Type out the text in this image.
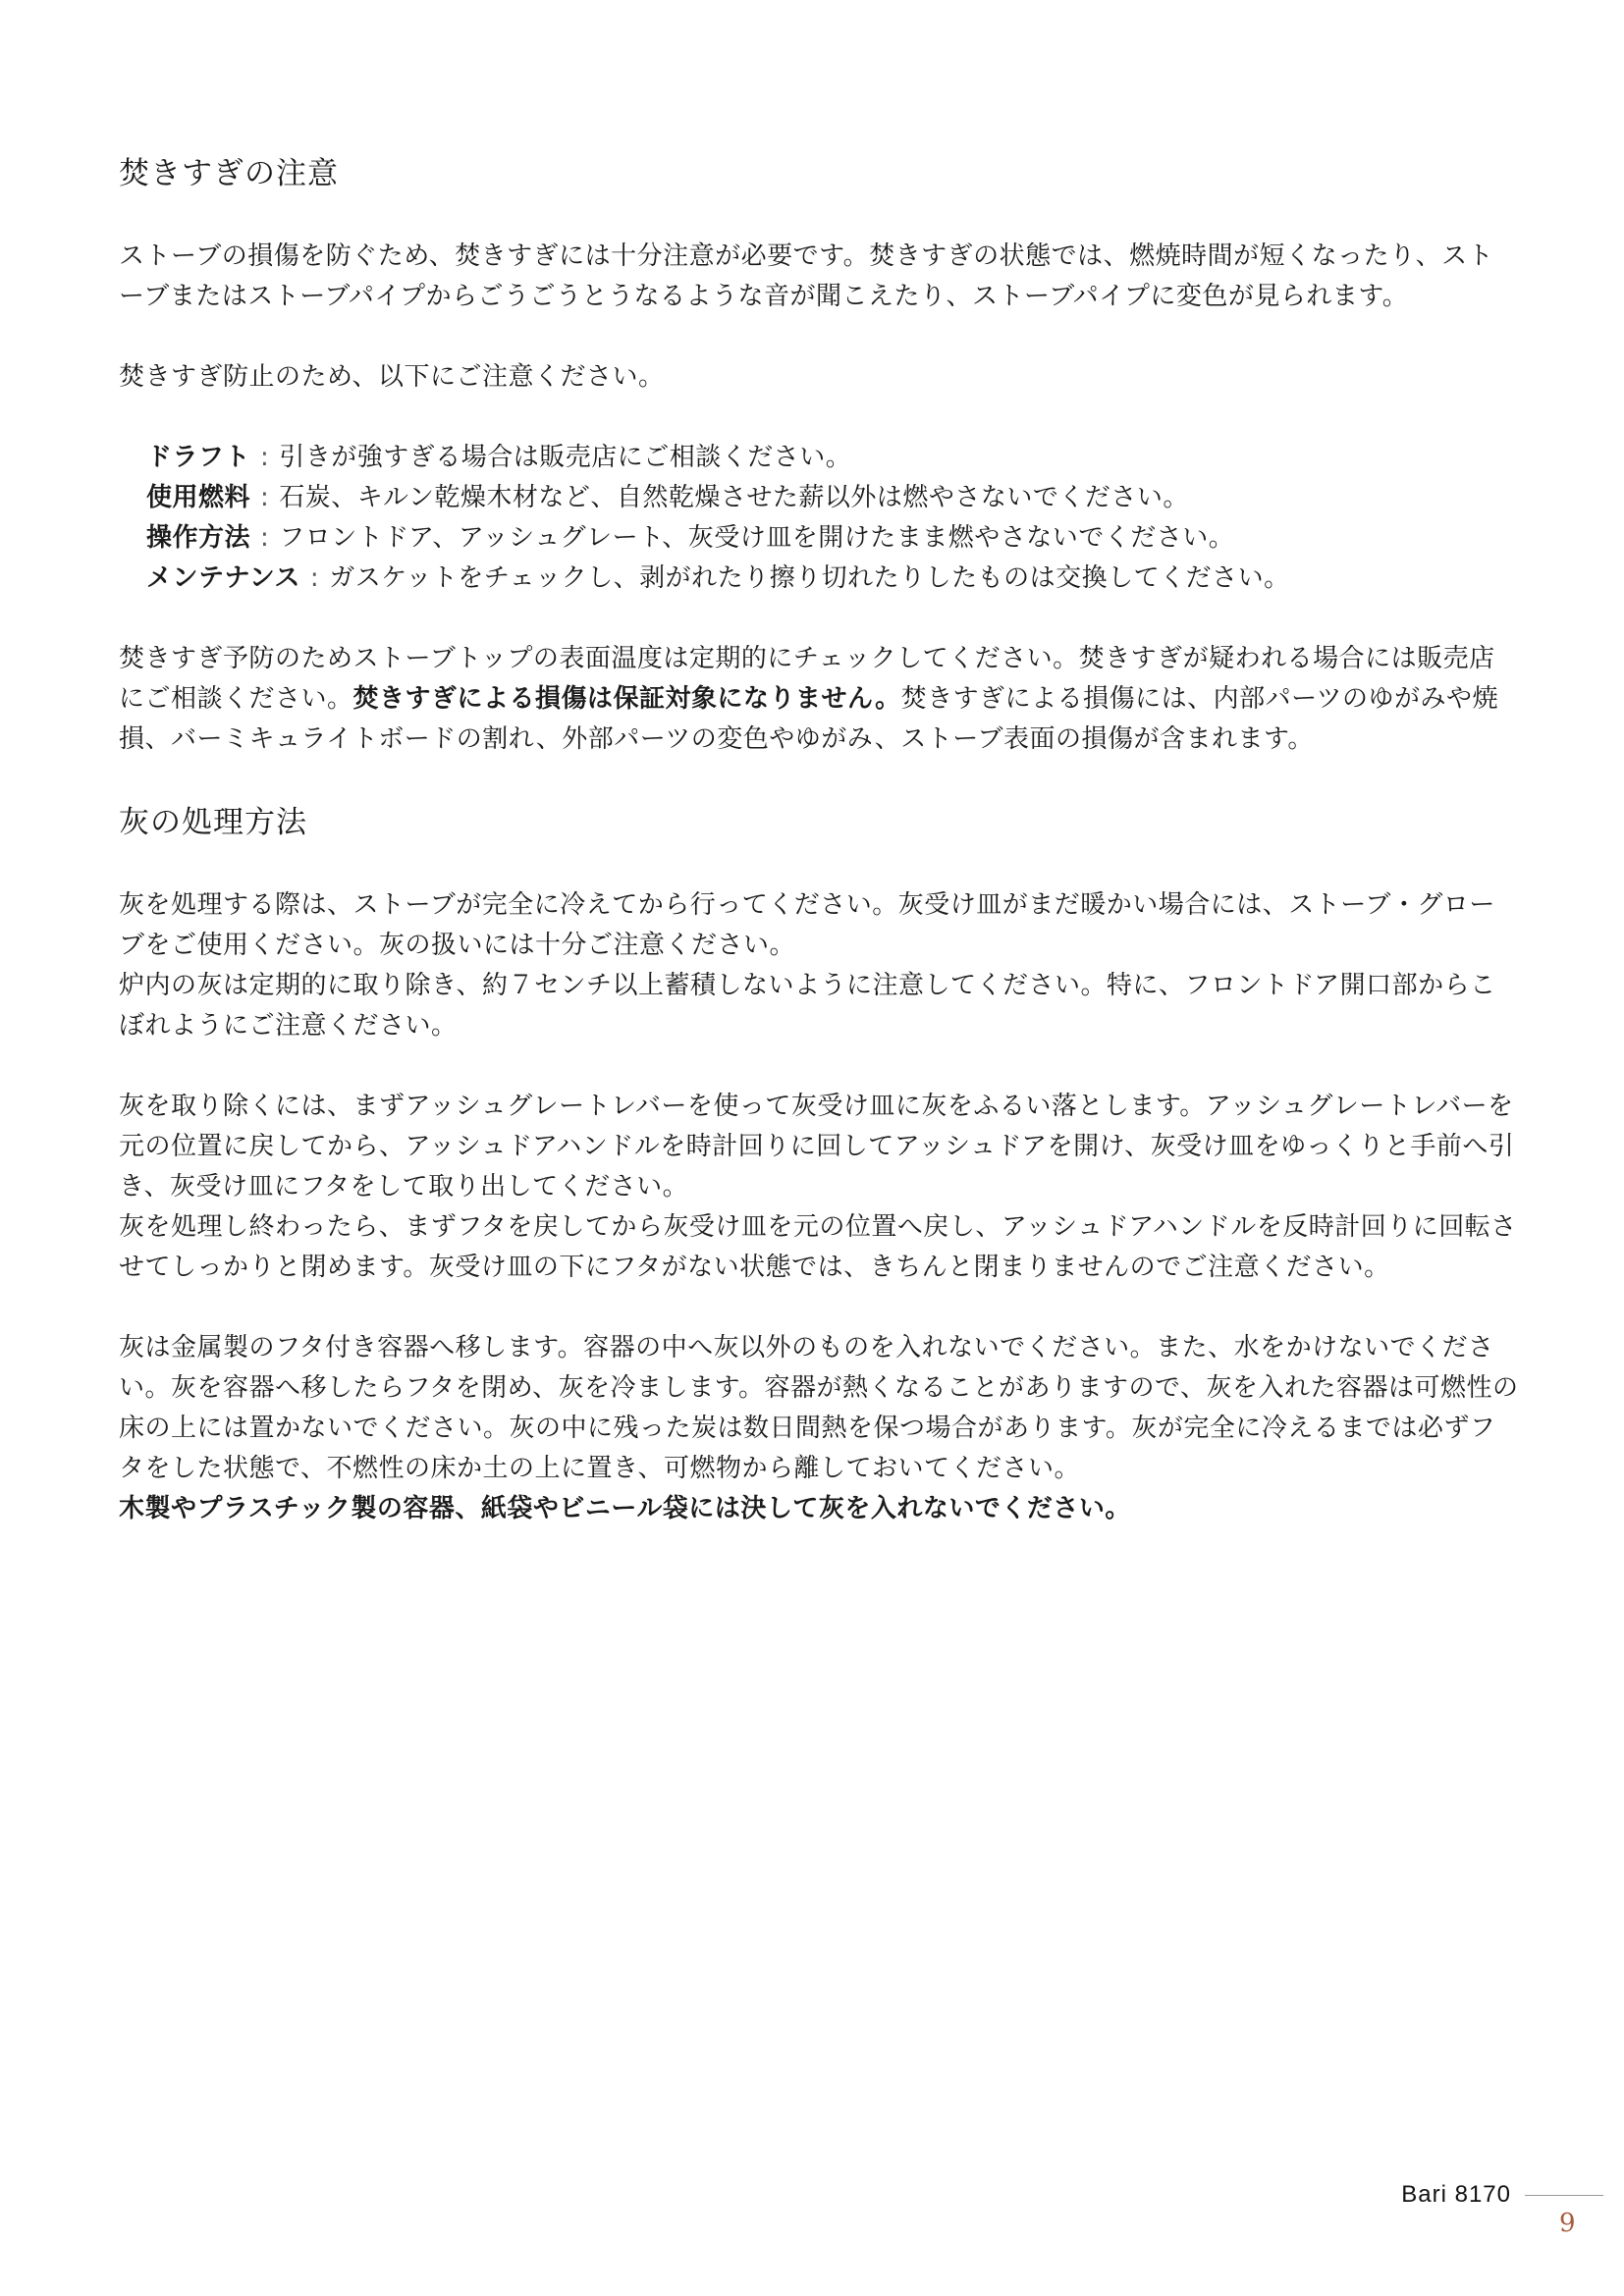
焚きすぎの注意

ストーブの損傷を防ぐため、焚きすぎには十分注意が必要です。焚きすぎの状態では、燃焼時間が短くなったり、ストーブまたはストーブパイプからごうごうとうなるような音が聞こえたり、ストーブパイプに変色が見られます。

焚きすぎ防止のため、以下にご注意ください。

ドラフト : 引きが強すぎる場合は販売店にご相談ください。
使用燃料 : 石炭、キルン乾燥木材など、自然乾燥させた薪以外は燃やさないでください。
操作方法 : フロントドア、アッシュグレート、灰受け皿を開けたまま燃やさないでください。
メンテナンス : ガスケットをチェックし、剥がれたり擦り切れたりしたものは交換してください。

焚きすぎ予防のためストーブトップの表面温度は定期的にチェックしてください。焚きすぎが疑われる場合には販売店にご相談ください。焚きすぎによる損傷は保証対象になりません。焚きすぎによる損傷には、内部パーツのゆがみや焼損、バーミキュライトボードの割れ、外部パーツの変色やゆがみ、ストーブ表面の損傷が含まれます。

灰の処理方法

灰を処理する際は、ストーブが完全に冷えてから行ってください。灰受け皿がまだ暖かい場合には、ストーブ・グローブをご使用ください。灰の扱いには十分ご注意ください。
炉内の灰は定期的に取り除き、約７センチ以上蓄積しないように注意してください。特に、フロントドア開口部からこぼれようにご注意ください。

灰を取り除くには、まずアッシュグレートレバーを使って灰受け皿に灰をふるい落とします。アッシュグレートレバーを元の位置に戻してから、アッシュドアハンドルを時計回りに回してアッシュドアを開け、灰受け皿をゆっくりと手前へ引き、灰受け皿にフタをして取り出してください。
灰を処理し終わったら、まずフタを戻してから灰受け皿を元の位置へ戻し、アッシュドアハンドルを反時計回りに回転させてしっかりと閉めます。灰受け皿の下にフタがない状態では、きちんと閉まりませんのでご注意ください。

灰は金属製のフタ付き容器へ移します。容器の中へ灰以外のものを入れないでください。また、水をかけないでください。灰を容器へ移したらフタを閉め、灰を冷まします。容器が熱くなることがありますので、灰を入れた容器は可燃性の床の上には置かないでください。灰の中に残った炭は数日間熱を保つ場合があります。灰が完全に冷えるまでは必ずフタをした状態で、不燃性の床か土の上に置き、可燃物から離しておいてください。
木製やプラスチック製の容器、紙袋やビニール袋には決して灰を入れないでください。

Bari 8170
9
